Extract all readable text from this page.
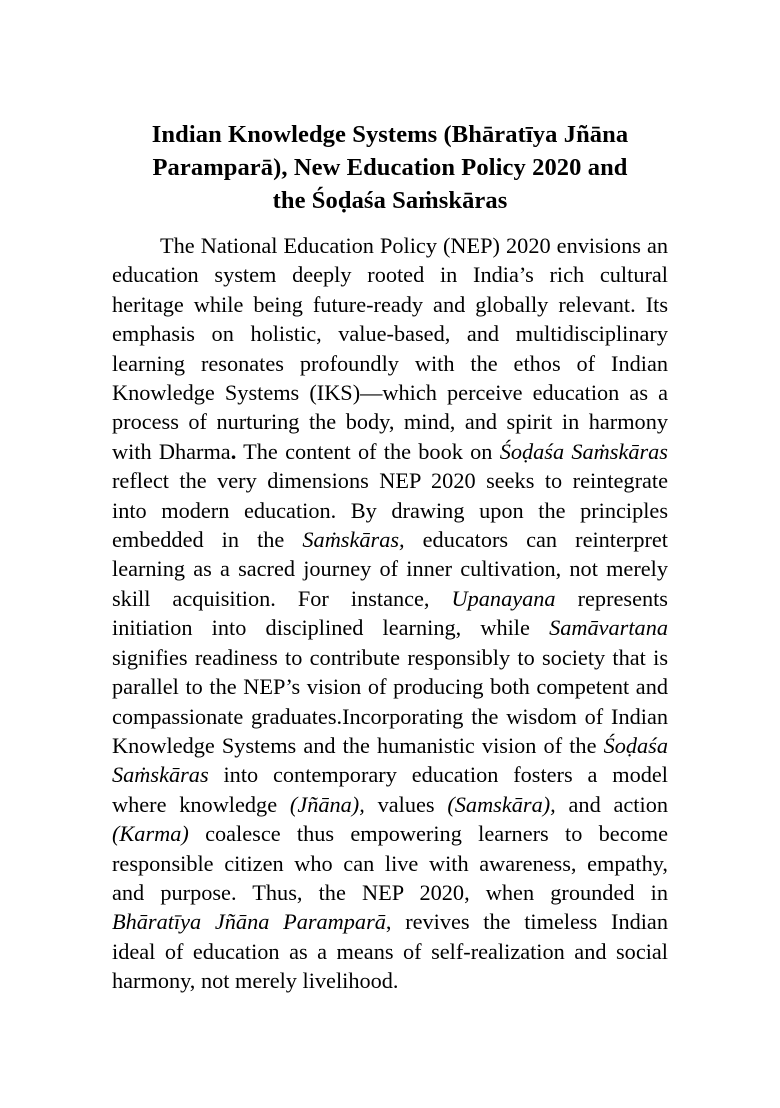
Indian Knowledge Systems (Bhāratīya Jñāna
Paramparā), New Education Policy 2020 and
the Śoḍaśa Saṁskāras

The National Education Policy (NEP) 2020 envisions an education system deeply rooted in India’s rich cultural heritage while being future-ready and globally relevant. Its emphasis on holistic, value-based, and multidisciplinary learning resonates profoundly with the ethos of Indian Knowledge Systems (IKS)—which perceive education as a process of nurturing the body, mind, and spirit in harmony with Dharma. The content of the book on Śoḍaśa Saṁskāras reflect the very dimensions NEP 2020 seeks to reintegrate into modern education. By drawing upon the principles embedded in the Saṁskāras, educators can reinterpret learning as a sacred journey of inner cultivation, not merely skill acquisition. For instance, Upanayana represents initiation into disciplined learning, while Samāvartana signifies readiness to contribute responsibly to society that is parallel to the NEP’s vision of producing both competent and compassionate graduates.Incorporating the wisdom of Indian Knowledge Systems and the humanistic vision of the Śoḍaśa Saṁskāras into contemporary education fosters a model where knowledge (Jñāna), values (Samskāra), and action (Karma) coalesce thus empowering learners to become responsible citizen who can live with awareness, empathy, and purpose. Thus, the NEP 2020, when grounded in Bhāratīya Jñāna Paramparā, revives the timeless Indian ideal of education as a means of self-realization and social harmony, not merely livelihood.
